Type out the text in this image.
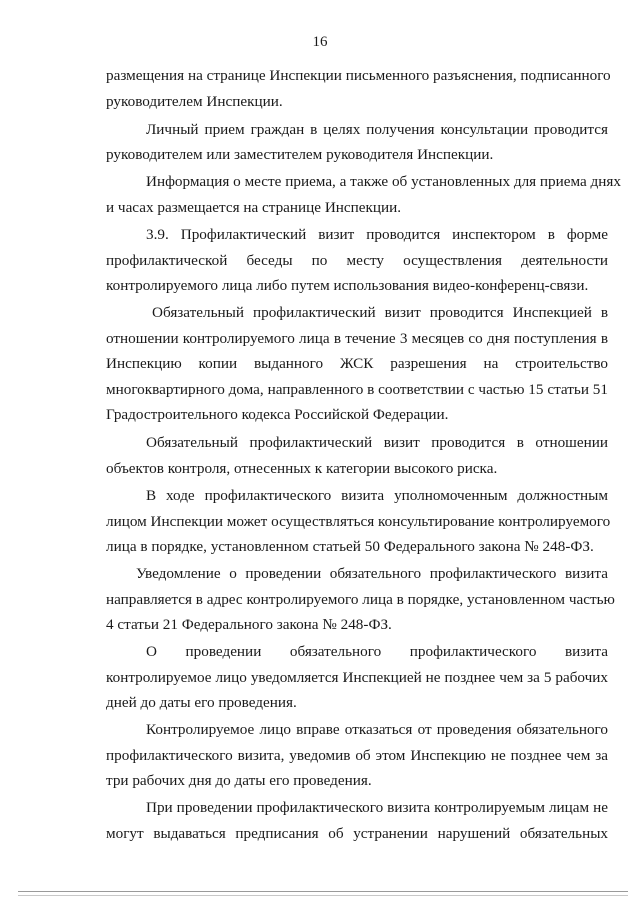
16
размещения на странице Инспекции письменного разъяснения, подписанного
руководителем Инспекции.
Личный прием граждан в целях получения консультации проводится
руководителем или заместителем руководителя Инспекции.
Информация о месте приема, а также об установленных для приема днях
и часах размещается на странице Инспекции.
3.9. Профилактический визит проводится инспектором в форме
профилактической беседы по месту осуществления деятельности
контролируемого лица либо путем использования видео-конференц-связи.
Обязательный профилактический визит проводится Инспекцией в
отношении контролируемого лица в течение 3 месяцев со дня поступления в
Инспекцию копии выданного ЖСК разрешения на строительство
многоквартирного дома, направленного в соответствии с частью 15 статьи 51
Градостроительного кодекса Российской Федерации.
Обязательный профилактический визит проводится в отношении
объектов контроля, отнесенных к категории высокого риска.
В ходе профилактического визита уполномоченным должностным
лицом Инспекции может осуществляться консультирование контролируемого
лица в порядке, установленном статьей 50 Федерального закона № 248-ФЗ.
Уведомление о проведении обязательного профилактического визита
направляется в адрес контролируемого лица в порядке, установленном частью
4 статьи 21 Федерального закона № 248-ФЗ.
О проведении обязательного профилактического визита
контролируемое лицо уведомляется Инспекцией не позднее чем за 5 рабочих
дней до даты его проведения.
Контролируемое лицо вправе отказаться от проведения обязательного
профилактического визита, уведомив об этом Инспекцию не позднее чем за
три рабочих дня до даты его проведения.
При проведении профилактического визита контролируемым лицам не
могут выдаваться предписания об устранении нарушений обязательных
